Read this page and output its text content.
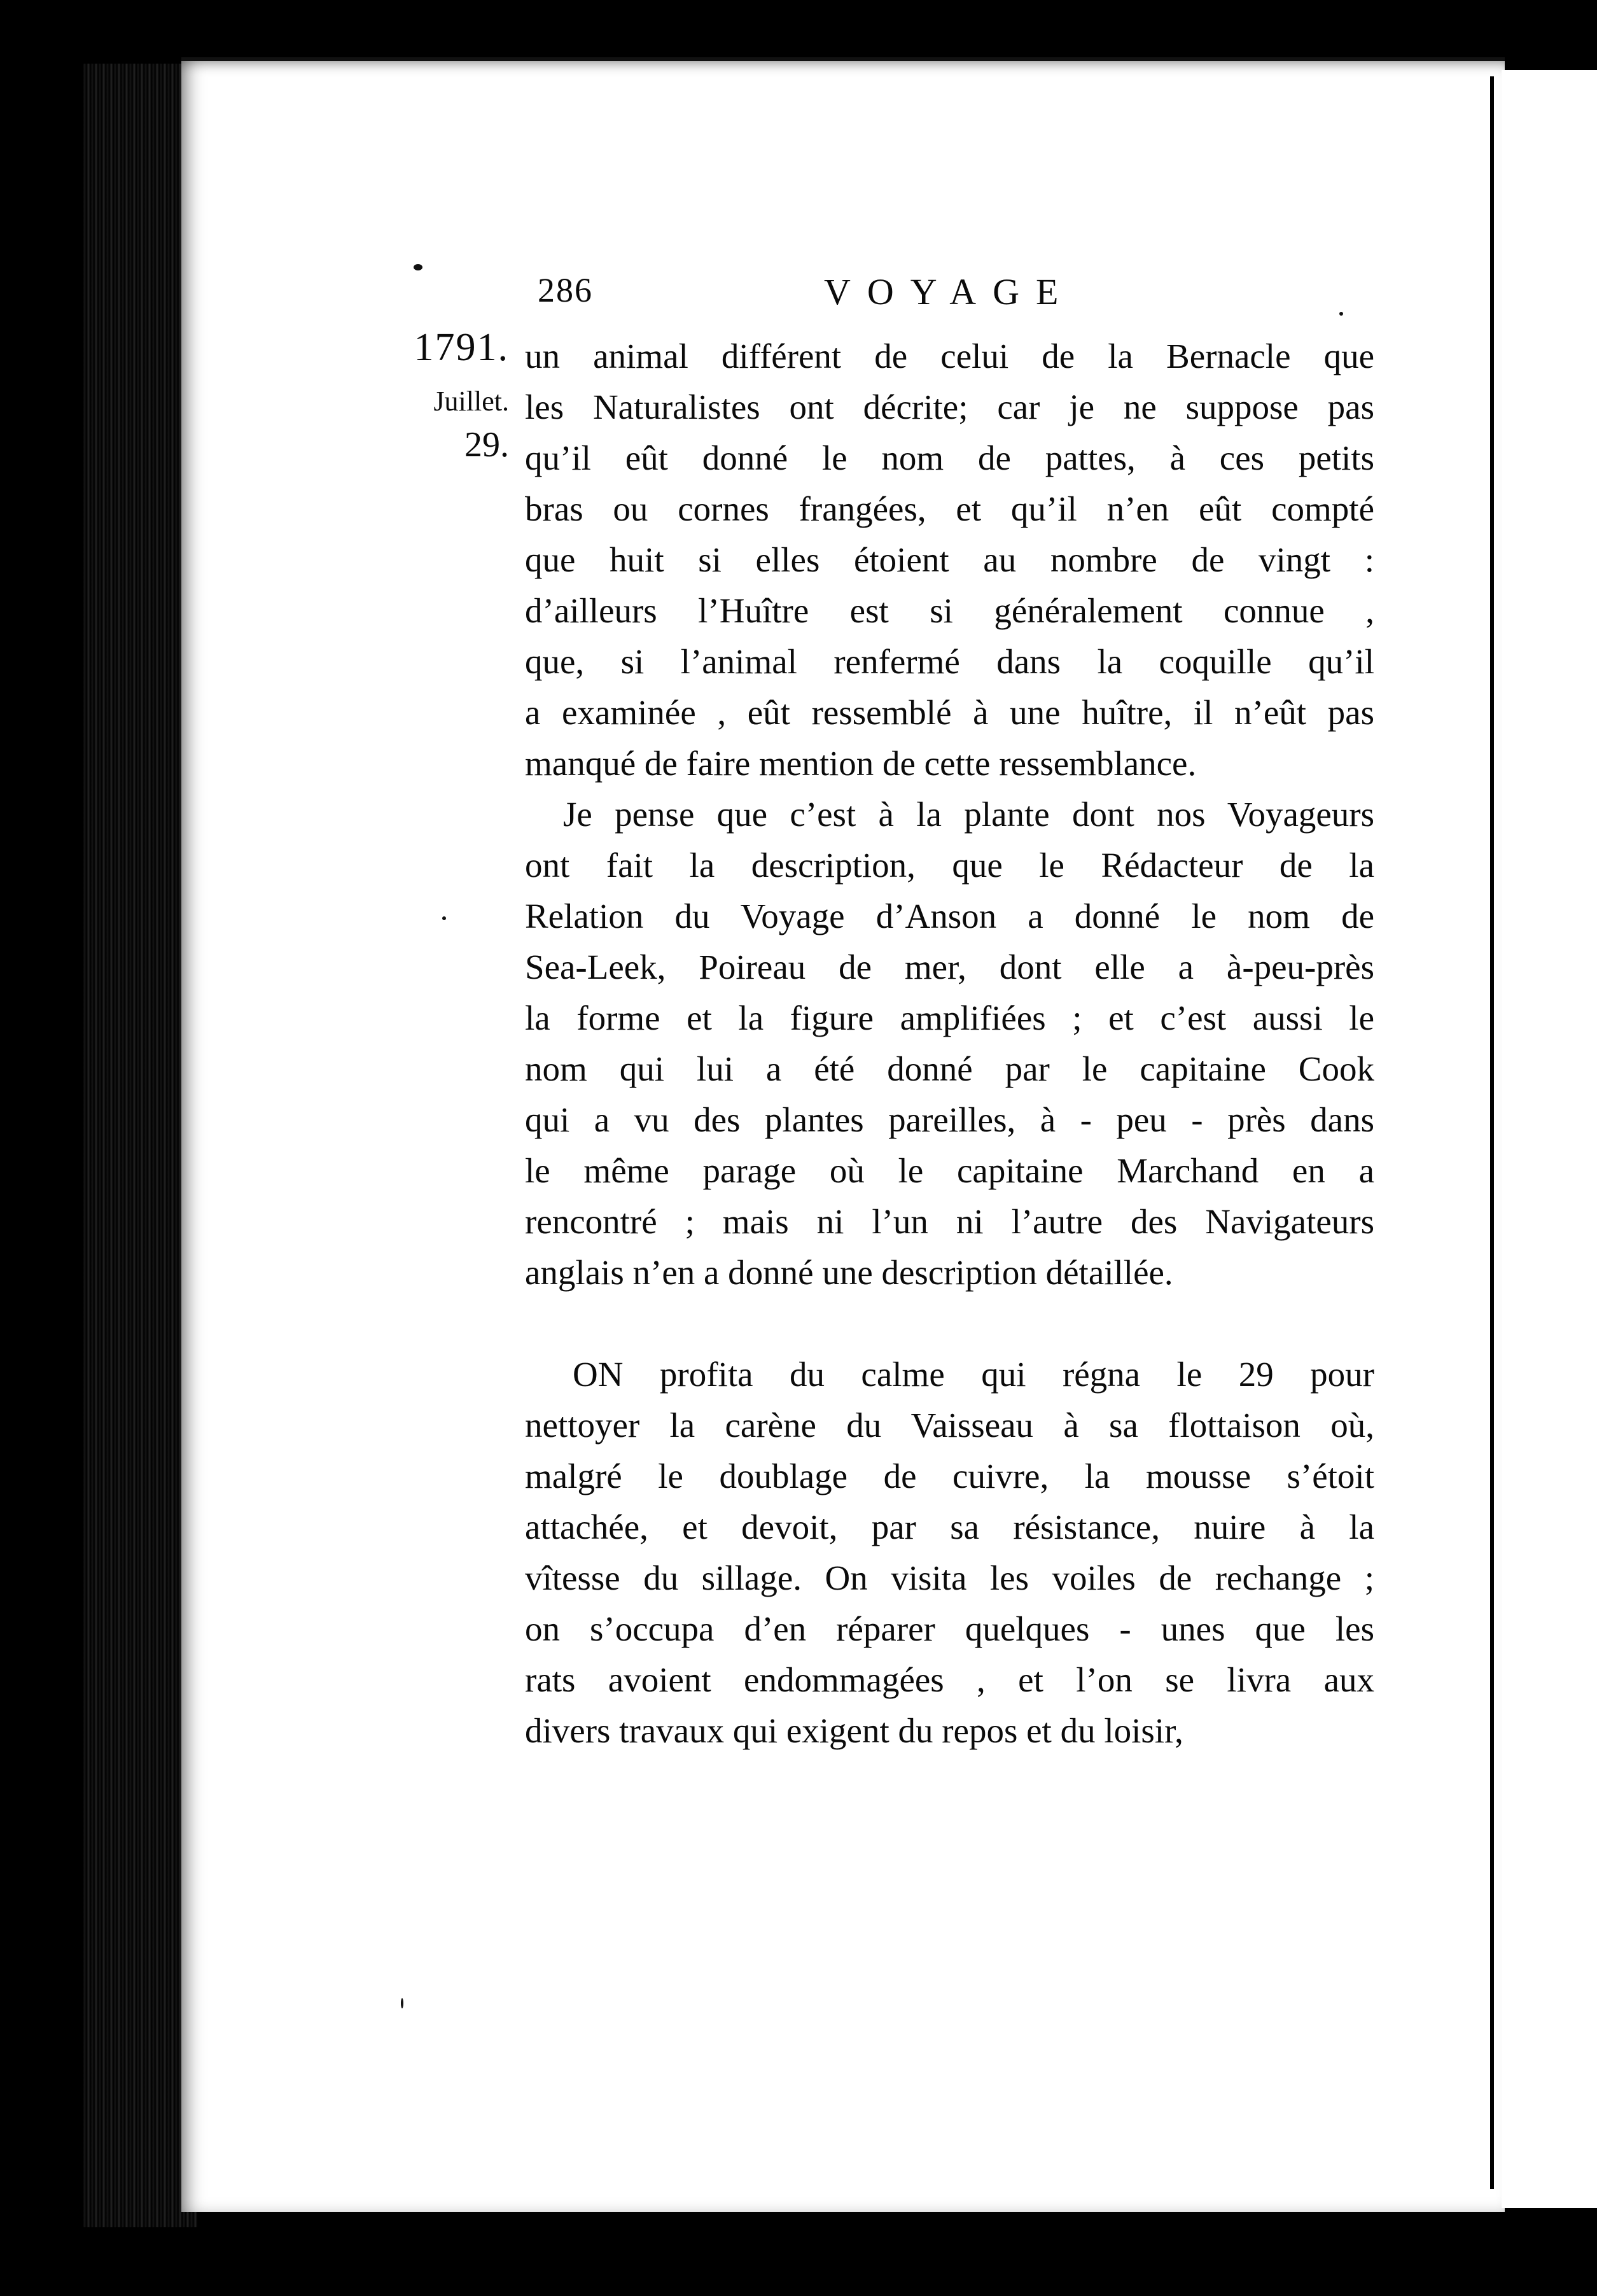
286	VOYAGE
1791.
Juillet.
29.
un animal différent de celui de la Bernacle que
les Naturalistes ont décrite; car je ne suppose pas
qu’il eût donné le nom de pattes, à ces petits
bras ou cornes frangées, et qu’il n’en eût compté
que huit si elles étoient au nombre de vingt :
d’ailleurs l’Huître est si généralement connue ,
que, si l’animal renfermé dans la coquille qu’il
a examinée , eût ressemblé à une huître, il n’eût pas
manqué de faire mention de cette ressemblance.
Je pense que c’est à la plante dont nos Voyageurs
ont fait la description, que le Rédacteur de la
Relation du Voyage d’Anson a donné le nom de
Sea-Leek, Poireau de mer, dont elle a à-peu-près
la forme et la figure amplifiées ; et c’est aussi le
nom qui lui a été donné par le capitaine Cook
qui a vu des plantes pareilles, à - peu - près dans
le même parage où le capitaine Marchand en a
rencontré ; mais ni l’un ni l’autre des Navigateurs
anglais n’en a donné une description détaillée.
ON profita du calme qui régna le 29 pour
nettoyer la carène du Vaisseau à sa flottaison où,
malgré le doublage de cuivre, la mousse s’étoit
attachée, et devoit, par sa résistance, nuire à la
vîtesse du sillage. On visita les voiles de rechange ;
on s’occupa d’en réparer quelques - unes que les
rats avoient endommagées , et l’on se livra aux
divers travaux qui exigent du repos et du loisir,
